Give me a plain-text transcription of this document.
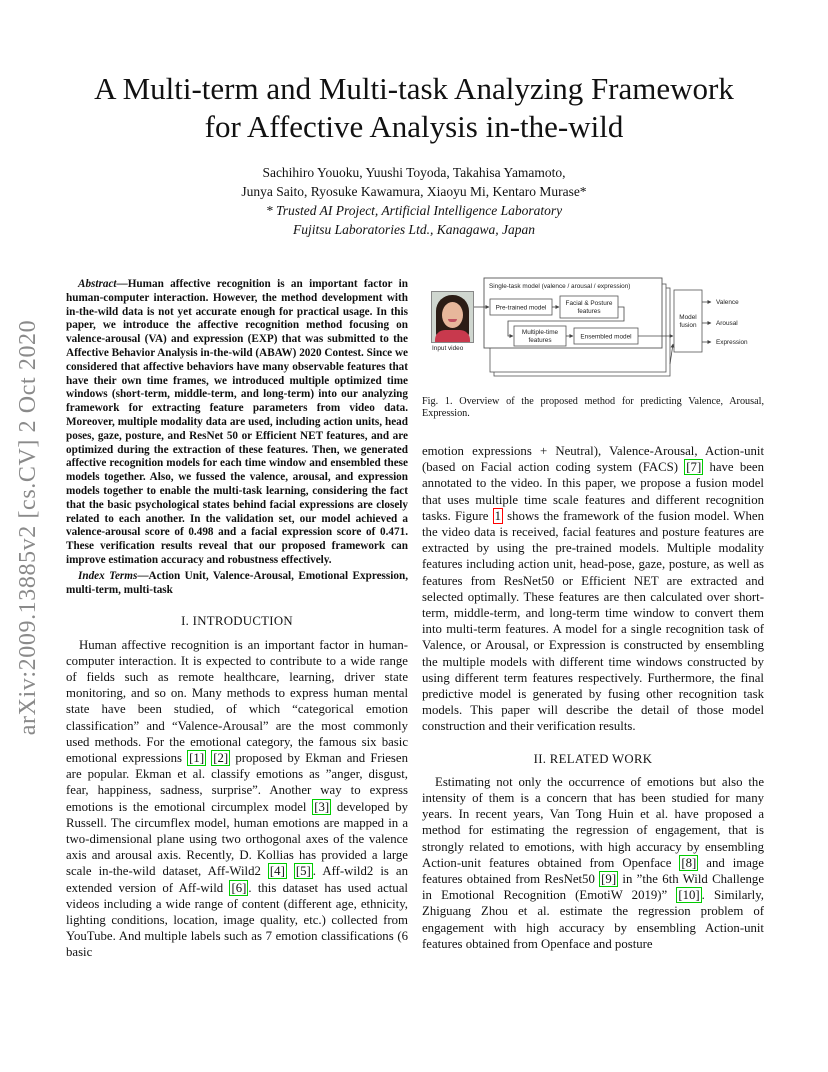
arXiv:2009.13885v2 [cs.CV] 2 Oct 2020
A Multi-term and Multi-task Analyzing Framework
for Affective Analysis in-the-wild
Sachihiro Youoku, Yuushi Toyoda, Takahisa Yamamoto,
Junya Saito, Ryosuke Kawamura, Xiaoyu Mi, Kentaro Murase*
* Trusted AI Project, Artificial Intelligence Laboratory
Fujitsu Laboratories Ltd., Kanagawa, Japan

Abstract—Human affective recognition is an important factor in human-computer interaction. However, the method development with in-the-wild data is not yet accurate enough for practical usage. In this paper, we introduce the affective recognition method focusing on valence-arousal (VA) and expression (EXP) that was submitted to the Affective Behavior Analysis in-the-wild (ABAW) 2020 Contest. Since we considered that affective behaviors have many observable features that have their own time frames, we introduced multiple optimized time windows (short-term, middle-term, and long-term) into our analyzing framework for extracting feature parameters from video data. Moreover, multiple modality data are used, including action units, head poses, gaze, posture, and ResNet 50 or Efficient NET features, and are optimized during the extraction of these features. Then, we generated affective recognition models for each time window and ensembled these models together. Also, we fussed the valence, arousal, and expression models together to enable the multi-task learning, considering the fact that the basic psychological states behind facial expressions are closely related to each another. In the validation set, our model achieved a valence-arousal score of 0.498 and a facial expression score of 0.471. These verification results reveal that our proposed framework can improve estimation accuracy and robustness effectively.

Index Terms—Action Unit, Valence-Arousal, Emotional Expression, multi-term, multi-task

I. INTRODUCTION

Human affective recognition is an important factor in human-computer interaction. It is expected to contribute to a wide range of fields such as remote healthcare, learning, driver state monitoring, and so on. Many methods to express human mental state have been studied, of which “categorical emotion classification” and “Valence-Arousal” are the most commonly used methods. For the emotional category, the famous six basic emotional expressions [1] [2] proposed by Ekman and Friesen are popular. Ekman et al. classify emotions as ”anger, disgust, fear, happiness, sadness, surprise”. Another way to express emotions is the emotional circumplex model [3] developed by Russell. The circumflex model, human emotions are mapped in a two-dimensional plane using two orthogonal axes of the valence axis and arousal axis. Recently, D. Kollias has provided a large scale in-the-wild dataset, Aff-Wild2 [4] [5] . Aff-wild2 is an extended version of Aff-wild [6] . this dataset has used actual videos including a wide range of content (different age, ethnicity, lighting conditions, location, image quality, etc.) collected from YouTube. And multiple labels such as 7 emotion classifications (6 basic

Single-task model (valence / arousal / expression)
Pre-trained model
Facial & Posture
features
Multiple-time
features	Ensembled model
Model
fusion
Valence
Arousal
Expression
Input video
Fig. 1. Overview of the proposed method for predicting Valence, Arousal, Expression.

emotion expressions + Neutral), Valence-Arousal, Action-unit (based on Facial action coding system (FACS) [7] have been annotated to the video. In this paper, we propose a fusion model that uses multiple time scale features and different recognition tasks. Figure 1 shows the framework of the fusion model. When the video data is received, facial features and posture features are extracted by using the pre-trained models. Multiple modality features including action unit, head-pose, gaze, posture, as well as features from ResNet50 or Efficient NET are extracted and selected optimally. These features are then calculated over short-term, middle-term, and long-term time window to convert them into multi-term features. A model for a single recognition task of Valence, or Arousal, or Expression is constructed by ensembling the multiple models with different time windows constructed by using different term features respectively. Furthermore, the final predictive model is generated by fusing other recognition task models. This paper will describe the detail of those model construction and their verification results.

II. RELATED WORK

Estimating not only the occurrence of emotions but also the intensity of them is a concern that has been studied for many years. In recent years, Van Tong Huin et al. have proposed a method for estimating the regression of engagement, that is strongly related to emotions, with high accuracy by ensembling Action-unit features obtained from Openface [8] and image features obtained from ResNet50 [9] in ”the 6th Wild Challenge in Emotional Recognition (EmotiW 2019)” [10] . Similarly, Zhiguang Zhou et al. estimate the regression problem of engagement with high accuracy by ensembling Action-unit features obtained from Openface and posture
